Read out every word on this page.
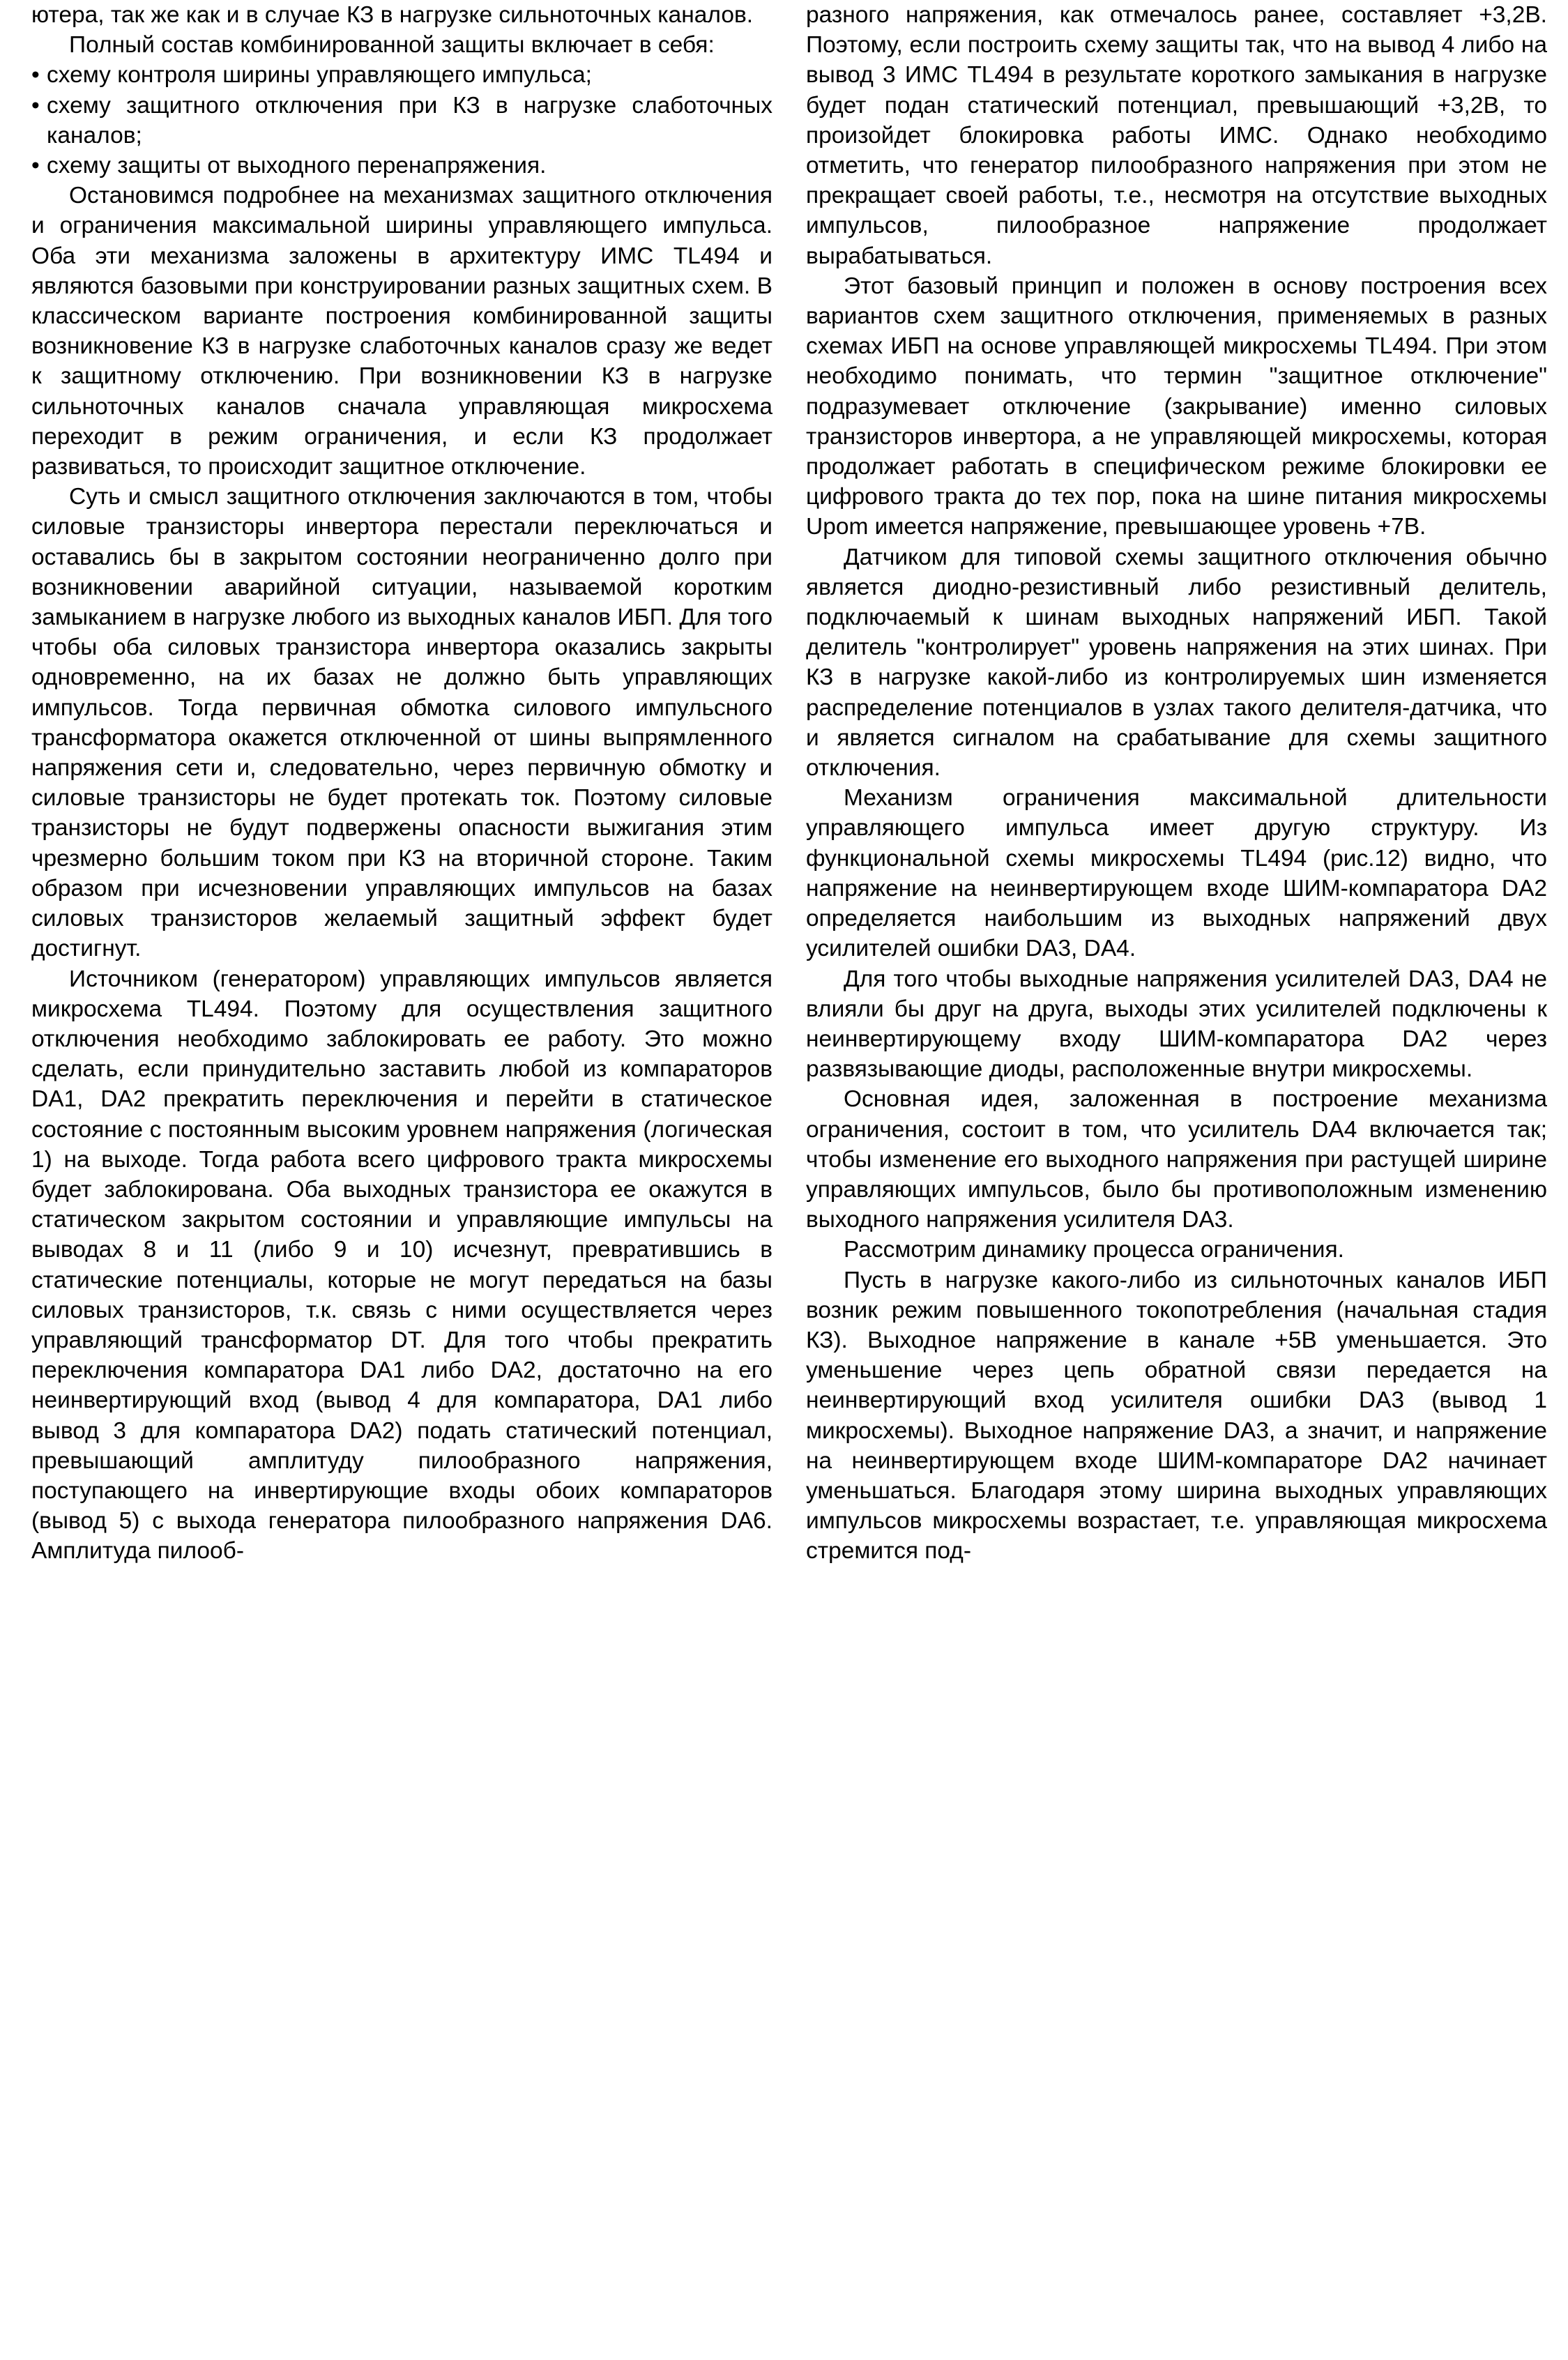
ютера, так же как и в случае КЗ в нагрузке сильноточных каналов.

Полный состав комбинированной защиты включает в себя:

• схему контроля ширины управляющего импульса;
• схему защитного отключения при КЗ в нагрузке слаботочных каналов;
• схему защиты от выходного перенапряжения.

Остановимся подробнее на механизмах защитного отключения и ограничения максимальной ширины управляющего импульса. Оба эти механизма заложены в архитектуру ИМС TL494 и являются базовыми при конструировании разных защитных схем. В классическом варианте построения комбинированной защиты возникновение КЗ в нагрузке слаботочных каналов сразу же ведет к защитному отключению. При возникновении КЗ в нагрузке сильноточных каналов сначала управляющая микросхема переходит в режим ограничения, и если КЗ продолжает развиваться, то происходит защитное отключение.

Суть и смысл защитного отключения заключаются в том, чтобы силовые транзисторы инвертора перестали переключаться и оставались бы в закрытом состоянии неограниченно долго при возникновении аварийной ситуации, называемой коротким замыканием в нагрузке любого из выходных каналов ИБП. Для того чтобы оба силовых транзистора инвертора оказались закрыты одновременно, на их базах не должно быть управляющих импульсов. Тогда первичная обмотка силового импульсного трансформатора окажется отключенной от шины выпрямленного напряжения сети и, следовательно, через первичную обмотку и силовые транзисторы не будет протекать ток. Поэтому силовые транзисторы не будут подвержены опасности выжигания этим чрезмерно большим током при КЗ на вторичной стороне. Таким образом при исчезновении управляющих импульсов на базах силовых транзисторов желаемый защитный эффект будет достигнут.

Источником (генератором) управляющих импульсов является микросхема TL494. Поэтому для осуществления защитного отключения необходимо заблокировать ее работу. Это можно сделать, если принудительно заставить любой из компараторов DA1, DA2 прекратить переключения и перейти в статическое состояние с постоянным высоким уровнем напряжения (логическая 1) на выходе. Тогда работа всего цифрового тракта микросхемы будет заблокирована. Оба выходных транзистора ее окажутся в статическом закрытом состоянии и управляющие импульсы на выводах 8 и 11 (либо 9 и 10) исчезнут, превратившись в статические потенциалы, которые не могут передаться на базы силовых транзисторов, т.к. связь с ними осуществляется через управляющий трансформатор DT. Для того чтобы прекратить переключения компаратора DA1 либо DA2, достаточно на его неинвертирующий вход (вывод 4 для компаратора, DA1 либо вывод 3 для компаратора DA2) подать статический потенциал, превышающий амплитуду пилообразного напряжения, поступающего на инвертирующие входы обоих компараторов (вывод 5) с выхода генератора пилообразного напряжения DA6. Амплитуда пилооб-

разного напряжения, как отмечалось ранее, составляет +3,2В. Поэтому, если построить схему защиты так, что на вывод 4 либо на вывод 3 ИМС TL494 в результате короткого замыкания в нагрузке будет подан статический потенциал, превышающий +3,2В, то произойдет блокировка работы ИМС. Однако необходимо отметить, что генератор пилообразного напряжения при этом не прекращает своей работы, т.е., несмотря на отсутствие выходных импульсов, пилообразное напряжение продолжает вырабатываться.

Этот базовый принцип и положен в основу построения всех вариантов схем защитного отключения, применяемых в разных схемах ИБП на основе управляющей микросхемы TL494. При этом необходимо понимать, что термин "защитное отключение" подразумевает отключение (закрывание) именно силовых транзисторов инвертора, а не управляющей микросхемы, которая продолжает работать в специфическом режиме блокировки ее цифрового тракта до тех пор, пока на шине питания микросхемы Upom имеется напряжение, превышающее уровень +7В.

Датчиком для типовой схемы защитного отключения обычно является диодно-резистивный либо резистивный делитель, подключаемый к шинам выходных напряжений ИБП. Такой делитель "контролирует" уровень напряжения на этих шинах. При КЗ в нагрузке какой-либо из контролируемых шин изменяется распределение потенциалов в узлах такого делителя-датчика, что и является сигналом на срабатывание для схемы защитного отключения.

Механизм ограничения максимальной длительности управляющего импульса имеет другую структуру. Из функциональной схемы микросхемы TL494 (рис.12) видно, что напряжение на неинвертирующем входе ШИМ-компаратора DA2 определяется наибольшим из выходных напряжений двух усилителей ошибки DA3, DA4.

Для того чтобы выходные напряжения усилителей DA3, DA4 не влияли бы друг на друга, выходы этих усилителей подключены к неинвертирующему входу ШИМ-компаратора DA2 через развязывающие диоды, расположенные внутри микросхемы.

Основная идея, заложенная в построение механизма ограничения, состоит в том, что усилитель DA4 включается так; чтобы изменение его выходного напряжения при растущей ширине управляющих импульсов, было бы противоположным изменению выходного напряжения усилителя DA3.

Рассмотрим динамику процесса ограничения.

Пусть в нагрузке какого-либо из сильноточных каналов ИБП возник режим повышенного токопотребления (начальная стадия КЗ). Выходное напряжение в канале +5В уменьшается. Это уменьшение через цепь обратной связи передается на неинвертирующий вход усилителя ошибки DA3 (вывод 1 микросхемы). Выходное напряжение DA3, а значит, и напряжение на неинвертирующем входе ШИМ-компараторе DA2 начинает уменьшаться. Благодаря этому ширина выходных управляющих импульсов микросхемы возрастает, т.е. управляющая микросхема стремится под-
